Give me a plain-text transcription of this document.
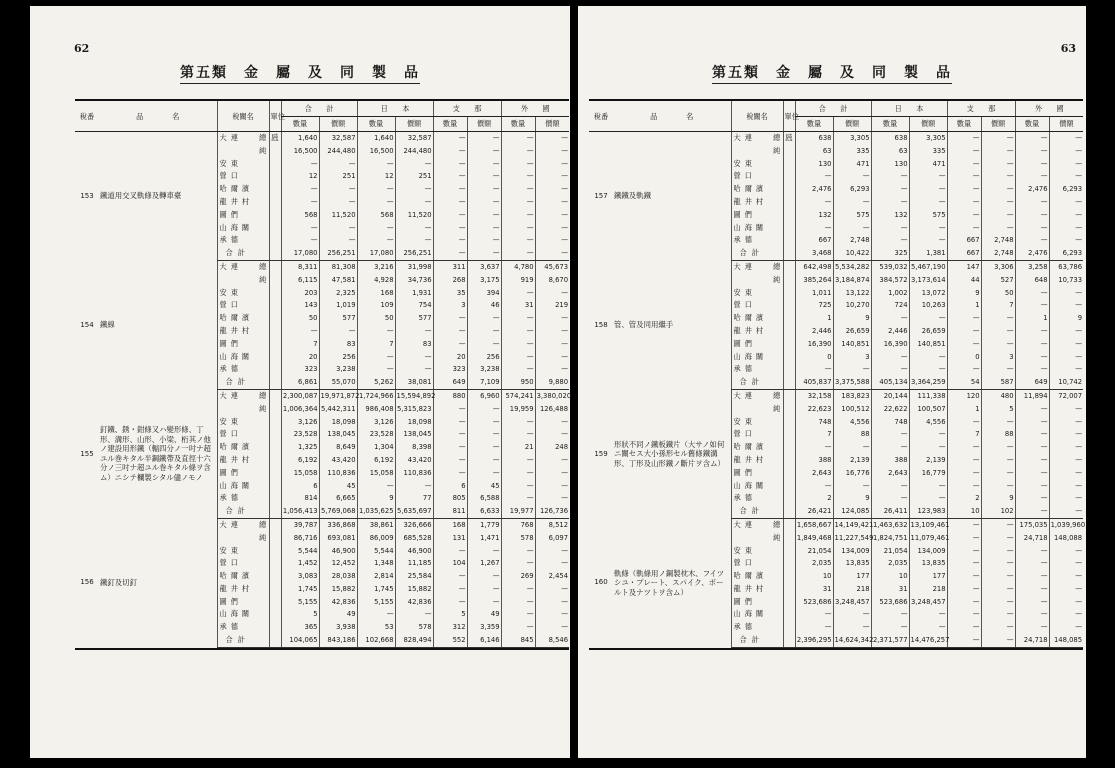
62
第五類　金　屬　及　同　製　品
稅番	品　　　　名	稅關名		單位	合　　計		日　　本		支　　那		外　　國	
					數量	價額	數量	價額	數量	價額	數量	價額
153	鐵道用交叉軌條及轉車臺	大連	總	瓲	1,640	32,587	1,640	32,587	—	—	—	—
			純		16,500	244,480	16,500	244,480	—	—	—	—
		安東			—	—	—	—	—	—	—	—
		營口			12	251	12	251	—	—	—	—
		哈爾濱			—	—	—	—	—	—	—	—
		龍井村			—	—	—	—	—	—	—	—
		圖們			568	11,520	568	11,520	—	—	—	—
		山海關			—	—	—	—	—	—	—	—
		承德			—	—	—	—	—	—	—	—
		合計			17,080	256,251	17,080	256,251	—	—	—	—
154	鐵線	大連	總		8,311	81,308	3,216	31,998	311	3,637	4,780	45,673
			純		6,115	47,581	4,928	34,736	268	3,175	919	8,670
		安東			203	2,325	168	1,931	35	394	—	—
		營口			143	1,019	109	754	3	46	31	219
		哈爾濱			50	577	50	577	—	—	—	—
		龍井村			—	—	—	—	—	—	—	—
		圖們			7	83	7	83	—	—	—	—
		山海關			20	256	—	—	20	256	—	—
		承德			323	3,238	—	—	323	3,238	—	—
		合計			6,861	55,070	5,262	38,081	649	7,109	950	9,880
155	釘鐵、銹・鉗條又ハ變形條、丁形、溝形、山形、小梁、桁其ノ他ノ建設用形鐵（輻四分ノ一吋ナ超ユル巻キタル半鋼鐵帶及直徑十六分ノ三吋ナ超ユル巻キタル條ヲ含ム）ニシテ欄製シタル儘ノモノ	大連	總		2,300,087	19,971,872	1,724,966	15,594,892	880	6,960	574,241	3,380,020
			純		1,006,364	5,442,311	986,408	5,315,823	—	—	19,959	126,488
		安東			3,126	18,098	3,126	18,098	—	—	—	—
		營口			23,528	138,045	23,528	138,045	—	—	—	—
		哈爾濱			1,325	8,649	1,304	8,398	—	—	21	248
		龍井村			6,192	43,420	6,192	43,420	—	—	—	—
		圖們			15,058	110,836	15,058	110,836	—	—	—	—
		山海關			6	45	—	—	6	45	—	—
		承德			814	6,665	9	77	805	6,588	—	—
		合計			1,056,413	5,769,068	1,035,625	5,635,697	811	6,633	19,977	126,736
156	鐵釘及切釘	大連	總		39,787	336,868	38,861	326,666	168	1,779	768	8,512
			純		86,716	693,081	86,009	685,528	131	1,471	578	6,097
		安東			5,544	46,900	5,544	46,900	—	—	—	—
		營口			1,452	12,452	1,348	11,185	104	1,267	—	—
		哈爾濱			3,083	28,038	2,814	25,584	—	—	269	2,454
		龍井村			1,745	15,882	1,745	15,882	—	—	—	—
		圖們			5,155	42,836	5,155	42,836	—	—	—	—
		山海關			5	49	—	—	5	49	—	—
		承德			365	3,938	53	578	312	3,359	—	—
		合計			104,065	843,186	102,668	828,494	552	6,146	845	8,546
63
第五類　金　屬　及　同　製　品
稅番	品　　　　名	稅關名		單位	合　　計		日　　本		支　　那		外　　國	
					數量	價額	數量	價額	數量	價額	數量	價額
157	鐵鐵及軌鐵	大連	總	瓲	638	3,305	638	3,305	—	—	—	—
			純		63	335	63	335	—	—	—	—
		安東			130	471	130	471	—	—	—	—
		營口			—	—	—	—	—	—	—	—
		哈爾濱			2,476	6,293	—	—	—	—	2,476	6,293
		龍井村			—	—	—	—	—	—	—	—
		圖們			132	575	132	575	—	—	—	—
		山海關			—	—	—	—	—	—	—	—
		承德			667	2,748	—	—	667	2,748	—	—
		合計			3,468	10,422	325	1,381	667	2,748	2,476	6,293
158	管、管及同用繼手	大連	總		642,498	5,534,282	539,032	5,467,190	147	3,306	3,258	63,786
			純		385,264	3,184,874	384,572	3,173,614	44	527	648	10,733
		安東			1,011	13,122	1,002	13,072	9	50	—	—
		營口			725	10,270	724	10,263	1	7	—	—
		哈爾濱			1	9	—	—	—	—	1	9
		龍井村			2,446	26,659	2,446	26,659	—	—	—	—
		圖們			16,390	140,851	16,390	140,851	—	—	—	—
		山海關			0	3	—	—	0	3	—	—
		承德			—	—	—	—	—	—	—	—
		合計			405,837	3,375,588	405,134	3,364,259	54	587	649	10,742
159	形狀不同ノ鐵板鐵片（大サノ如何ニ關セス大小孫形セル舊條鐵溝形、丁形及山形鐵ノ斷片ヲ含ム）	大連	總		32,158	183,823	20,144	111,338	120	480	11,894	72,007
			純		22,623	100,512	22,622	100,507	1	5	—	—
		安東			748	4,556	748	4,556	—	—	—	—
		營口			7	88	—	—	7	88	—	—
		哈爾濱			—	—	—	—	—	—	—	—
		龍井村			388	2,139	388	2,139	—	—	—	—
		圖們			2,643	16,776	2,643	16,779	—	—	—	—
		山海關			—	—	—	—	—	—	—	—
		承德			2	9	—	—	2	9	—	—
		合計			26,421	124,085	26,411	123,983	10	102	—	—
160	軌條（軌條用ノ鋼製枕木、フイツシユ・プレート、スパイク、ボールト及ナツトヲ含ム）	大連	總		1,658,667	14,149,421	1,463,632	13,109,461	—	—	175,035	1,039,960
			純		1,849,468	11,227,549	1,824,751	11,079,461	—	—	24,718	148,088
		安東			21,054	134,009	21,054	134,009	—	—	—	—
		營口			2,035	13,835	2,035	13,835	—	—	—	—
		哈爾濱			10	177	10	177	—	—	—	—
		龍井村			31	218	31	218	—	—	—	—
		圖們			523,686	3,248,457	523,686	3,248,457	—	—	—	—
		山海關			—	—	—	—	—	—	—	—
		承德			—	—	—	—	—	—	—	—
		合計			2,396,295	14,624,342	2,371,577	14,476,257	—	—	24,718	148,085
